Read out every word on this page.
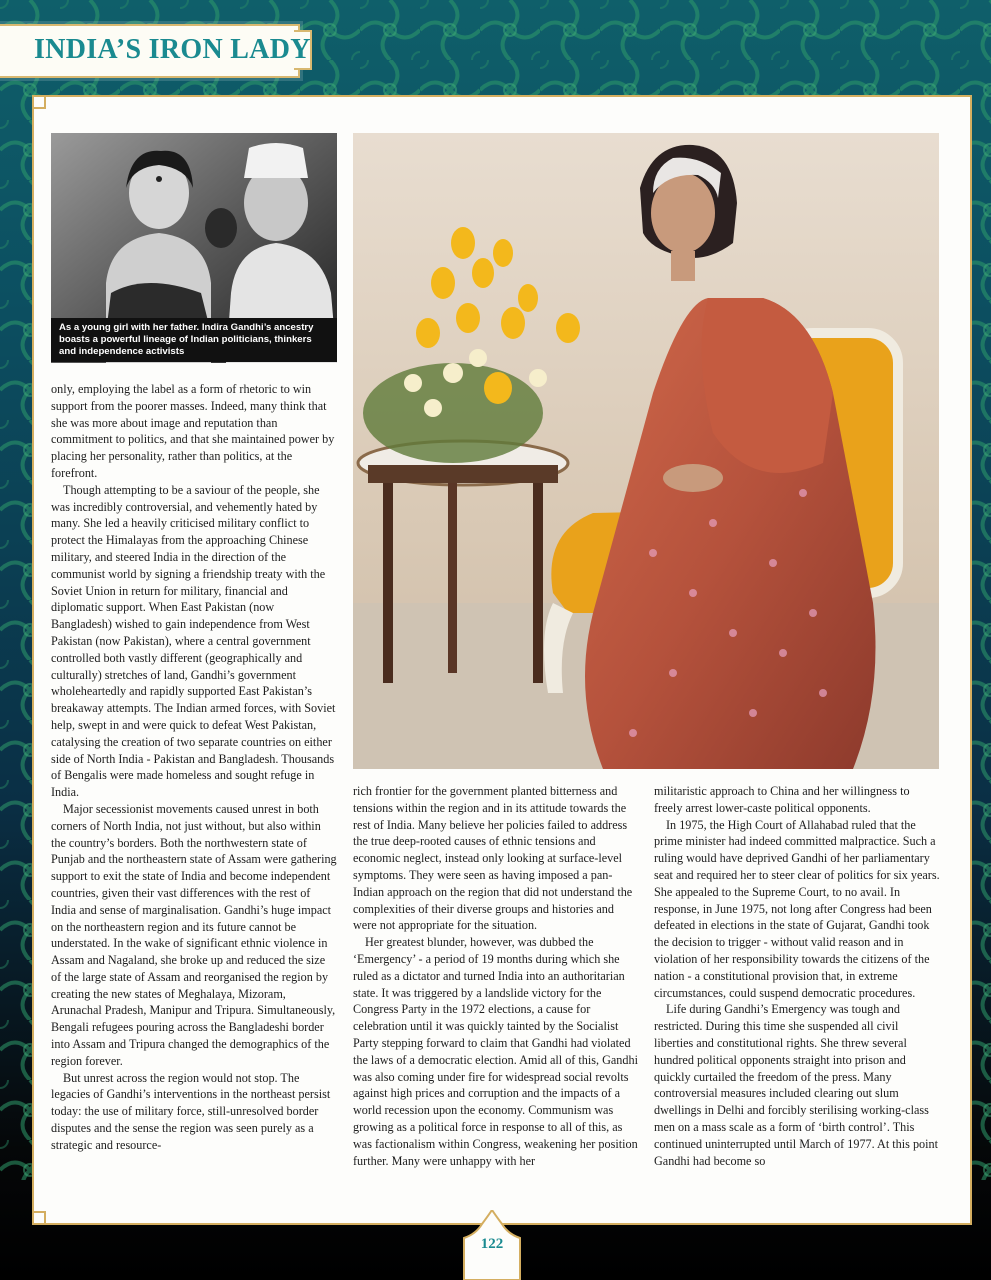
INDIA’S IRON LADY
As a young girl with her father. Indira Gandhi’s ancestry boasts a powerful lineage of Indian politicians, thinkers and independence activists

only, employing the label as a form of rhetoric to win support from the poorer masses. Indeed, many think that she was more about image and reputation than commitment to politics, and that she maintained power by placing her personality, rather than politics, at the forefront.

Though attempting to be a saviour of the people, she was incredibly controversial, and vehemently hated by many. She led a heavily criticised military conflict to protect the Himalayas from the approaching Chinese military, and steered India in the direction of the communist world by signing a friendship treaty with the Soviet Union in return for military, financial and diplomatic support. When East Pakistan (now Bangladesh) wished to gain independence from West Pakistan (now Pakistan), where a central government controlled both vastly different (geographically and culturally) stretches of land, Gandhi’s government wholeheartedly and rapidly supported East Pakistan’s breakaway attempts. The Indian armed forces, with Soviet help, swept in and were quick to defeat West Pakistan, catalysing the creation of two separate countries on either side of North India - Pakistan and Bangladesh. Thousands of Bengalis were made homeless and sought refuge in India.

Major secessionist movements caused unrest in both corners of North India, not just without, but also within the country’s borders. Both the northwestern state of Punjab and the northeastern state of Assam were gathering support to exit the state of India and become independent countries, given their vast differences with the rest of India and sense of marginalisation. Gandhi’s huge impact on the northeastern region and its future cannot be understated. In the wake of significant ethnic violence in Assam and Nagaland, she broke up and reduced the size of the large state of Assam and reorganised the region by creating the new states of Meghalaya, Mizoram, Arunachal Pradesh, Manipur and Tripura. Simultaneously, Bengali refugees pouring across the Bangladeshi border into Assam and Tripura changed the demographics of the region forever.

But unrest across the region would not stop. The legacies of Gandhi’s interventions in the northeast persist today: the use of military force, still-unresolved border disputes and the sense the region was seen purely as a strategic and resource-

rich frontier for the government planted bitterness and tensions within the region and in its attitude towards the rest of India. Many believe her policies failed to address the true deep-rooted causes of ethnic tensions and economic neglect, instead only looking at surface-level symptoms. They were seen as having imposed a pan-Indian approach on the region that did not understand the complexities of their diverse groups and histories and were not appropriate for the situation.

Her greatest blunder, however, was dubbed the ‘Emergency’ - a period of 19 months during which she ruled as a dictator and turned India into an authoritarian state. It was triggered by a landslide victory for the Congress Party in the 1972 elections, a cause for celebration until it was quickly tainted by the Socialist Party stepping forward to claim that Gandhi had violated the laws of a democratic election. Amid all of this, Gandhi was also coming under fire for widespread social revolts against high prices and corruption and the impacts of a world recession upon the economy. Communism was growing as a political force in response to all of this, as was factionalism within Congress, weakening her position further. Many were unhappy with her

militaristic approach to China and her willingness to freely arrest lower-caste political opponents.

In 1975, the High Court of Allahabad ruled that the prime minister had indeed committed malpractice. Such a ruling would have deprived Gandhi of her parliamentary seat and required her to steer clear of politics for six years. She appealed to the Supreme Court, to no avail. In response, in June 1975, not long after Congress had been defeated in elections in the state of Gujarat, Gandhi took the decision to trigger - without valid reason and in violation of her responsibility towards the citizens of the nation - a constitutional provision that, in extreme circumstances, could suspend democratic procedures.

Life during Gandhi’s Emergency was tough and restricted. During this time she suspended all civil liberties and constitutional rights. She threw several hundred political opponents straight into prison and quickly curtailed the freedom of the press. Many controversial measures included clearing out slum dwellings in Delhi and forcibly sterilising working-class men on a mass scale as a form of ‘birth control’. This continued uninterrupted until March of 1977. At this point Gandhi had become so

122
